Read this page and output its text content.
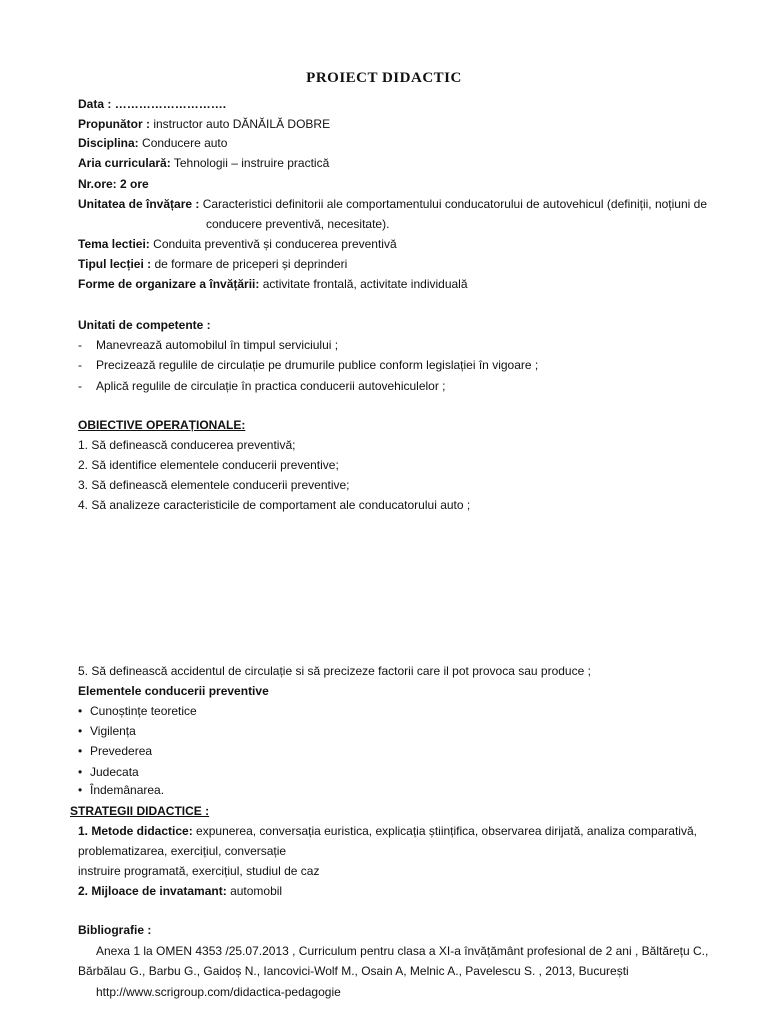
PROIECT DIDACTIC
Data : ……………………….
Propunător : instructor auto DĂNĂILĂ DOBRE
Disciplina: Conducere auto
Aria curriculară: Tehnologii – instruire practică
Nr.ore: 2 ore
Unitatea de învățare : Caracteristici definitorii ale comportamentului conducatorului de autovehicul (definiții, noțiuni de
conducere preventivă, necesitate).
Tema lectiei: Conduita preventivă și conducerea preventivă
Tipul lecției : de formare de priceperi și deprinderi
Forme de organizare a învățării: activitate frontală, activitate individuală
Unitati de competente :
- Manevrează automobilul în timpul serviciului ;
- Precizează regulile de circulație pe drumurile publice conform legislației în vigoare ;
- Aplică regulile de circulație în practica conducerii autovehiculelor ;
OBIECTIVE OPERAȚIONALE:
1. Să definească conducerea preventivă;
2. Să identifice elementele conducerii preventive;
3. Să definească elementele conducerii preventive;
4. Să analizeze caracteristicile de comportament ale conducatorului auto ;
5. Să definească accidentul de circulație si să precizeze factorii care il pot provoca sau produce ;
Elementele conducerii preventive
• Cunoștințe teoretice
• Vigilența
• Prevederea
• Judecata
• Îndemânarea.
STRATEGII DIDACTICE :
1. Metode didactice: expunerea, conversația euristica, explicația științifica, observarea dirijată, analiza comparativă,
problematizarea, exercițiul, conversație
instruire programată, exercițiul, studiul de caz
2. Mijloace de invatamant: automobil
Bibliografie :
Anexa 1 la OMEN 4353 /25.07.2013 , Curriculum pentru clasa a XI-a învățământ profesional de 2 ani , Băltărețu C.,
Bărbălau G., Barbu G., Gaidoș N., Iancovici-Wolf M., Osain A, Melnic A., Pavelescu S. , 2013, București
http://www.scrigroup.com/didactica-pedagogie
